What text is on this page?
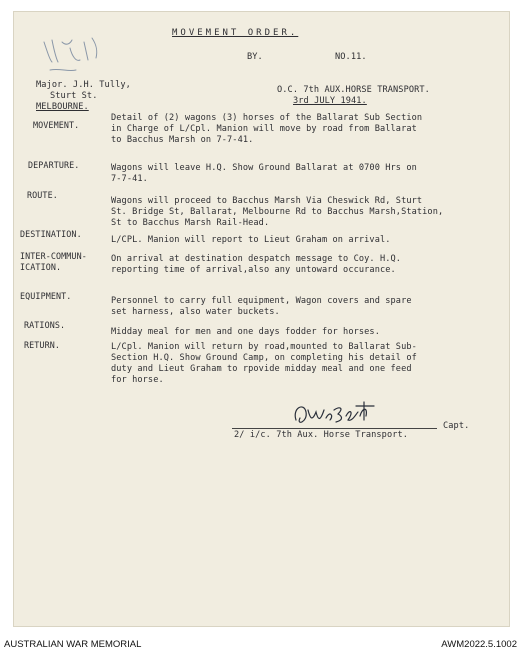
MOVEMENT ORDER.
BY.	NO.11.
Major. J.H. Tully,
Sturt St.
MELBOURNE.
O.C. 7th AUX.HORSE TRANSPORT.
3rd JULY 1941.
MOVEMENT.
Detail of (2) wagons (3) horses of the Ballarat Sub Section
in Charge of L/Cpl. Manion will move by road from Ballarat
to Bacchus Marsh on 7-7-41.
DEPARTURE.	Wagons will leave H.Q. Show Ground Ballarat at 0700 Hrs on
7-7-41.
ROUTE.
Wagons will proceed to Bacchus Marsh Via Cheswick Rd, Sturt
St. Bridge St, Ballarat, Melbourne Rd to Bacchus Marsh,Station,
St to Bacchus Marsh Rail-Head.
DESTINATION.
L/CPL. Manion will report to Lieut Graham on arrival.
INTER-COMMUN-
ICATION.
On arrival at destination despatch message to Coy. H.Q.
reporting time of arrival,also any untoward occurance.
EQUIPMENT.	Personnel to carry full equipment, Wagon covers and spare
set harness, also water buckets.
RATIONS.
Midday meal for men and one days fodder for horses.
RETURN.	L/Cpl. Manion will return by road,mounted to Ballarat Sub-
Section H.Q. Show Ground Camp, on completing his detail of
duty and Lieut Graham to rpovide midday meal and one feed
for horse.
Capt.
2/ i/c. 7th Aux. Horse Transport.
AUSTRALIAN WAR MEMORIAL	AWM2022.5.1002
